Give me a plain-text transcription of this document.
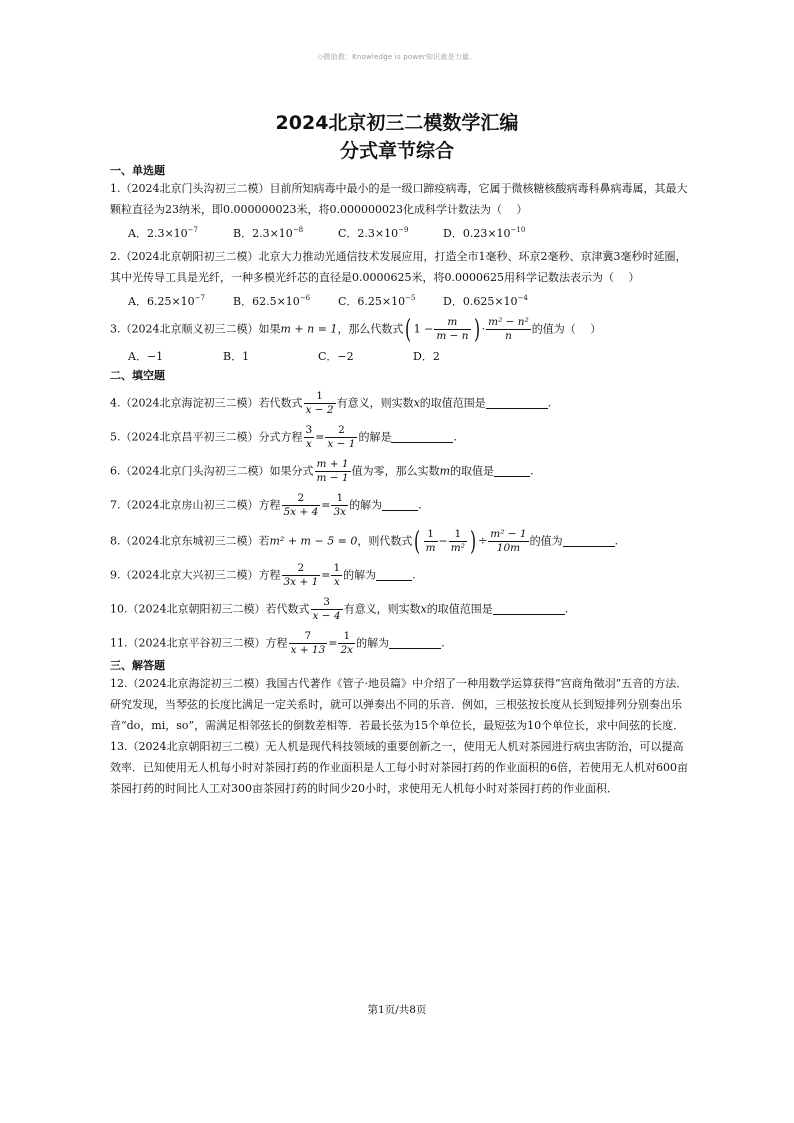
◇微助教：Knowledge is power知识就是力量。
2024北京初三二模数学汇编
分式章节综合
一、单选题

1.（2024北京门头沟初三二模）目前所知病毒中最小的是一级口蹄疫病毒，它属于微核糖核酸病毒科鼻病毒属，其最大颗粒直径为23纳米，即0.000000023米，将0.000000023化成科学计数法为（　 ）

A．$2.3\times 10^{-7}$	B．$2.3\times 10^{-8}$	C．$2.3\times 10^{-9}$	D．$0.23\times 10^{-10}$

2.（2024北京朝阳初三二模）北京大力推动光通信技术发展应用，打造全市1毫秒、环京2毫秒、京津冀3毫秒时延圈，其中光传导工具是光纤，一种多模光纤芯的直径是0.0000625米，将0.0000625用科学记数法表示为（　 ）

A．$6.25\times 10^{-7}$	B．$62.5\times 10^{-6}$	C．$6.25\times 10^{-5}$	D．$0.625\times 10^{-4}$

3.（2024北京顺义初三二模）如果m + n = 1，那么代数式( $1 - \frac{m}{m - n}$ ) · $\frac{\text{m² − n²}}{n}$ 的值为（　 ）

A．−1	B．1	C．−2	D．2
二、填空题

4.（2024北京海淀初三二模）若代数式 $\frac{1}{x - 2}$ 有意义，则实数x的取值范围是	.

5.（2024北京昌平初三二模）分式方程 $\frac{3}{x} = \frac{2}{x - 1}$ 的解是	.

6.（2024北京门头沟初三二模）如果分式 $\frac{m + 1}{m - 1}$ 值为零，那么实数m的取值是	.

7.（2024北京房山初三二模）方程 $\frac{2}{5x + 4} = \frac{1}{3x}$ 的解为	.

8.（2024北京东城初三二模）若m² + m − 5 = 0，则代数式( $\frac{1}{m} - \frac{1}{\text{m²}}$ ) ÷ $\frac{\text{m² − 1}}{10m}$ 的值为	.

9.（2024北京大兴初三二模）方程 $\frac{2}{3x + 1} = \frac{1}{x}$ 的解为	.

10.（2024北京朝阳初三二模）若代数式 $\frac{3}{x - 4}$ 有意义，则实数x的取值范围是	.

11.（2024北京平谷初三二模）方程 $\frac{7}{x + 13} = \frac{1}{2x}$ 的解为	.

三、解答题

12.（2024北京海淀初三二模）我国古代著作《管子·地员篇》中介绍了一种用数学运算获得“宫商角徵羽”五音的方法．研究发现，当琴弦的长度比满足一定关系时，就可以弹奏出不同的乐音．例如，三根弦按长度从长到短排列分别奏出乐音“do，mi，so”，需满足相邻弦长的倒数差相等．若最长弦为15个单位长，最短弦为10个单位长，求中间弦的长度．

13.（2024北京朝阳初三二模）无人机是现代科技领域的重要创新之一，使用无人机对茶园进行病虫害防治，可以提高效率．已知使用无人机每小时对茶园打药的作业面积是人工每小时对茶园打药的作业面积的6倍，若使用无人机对600亩茶园打药的时间比人工对300亩茶园打药的时间少20小时，求使用无人机每小时对茶园打药的作业面积．

第1页/共8页
